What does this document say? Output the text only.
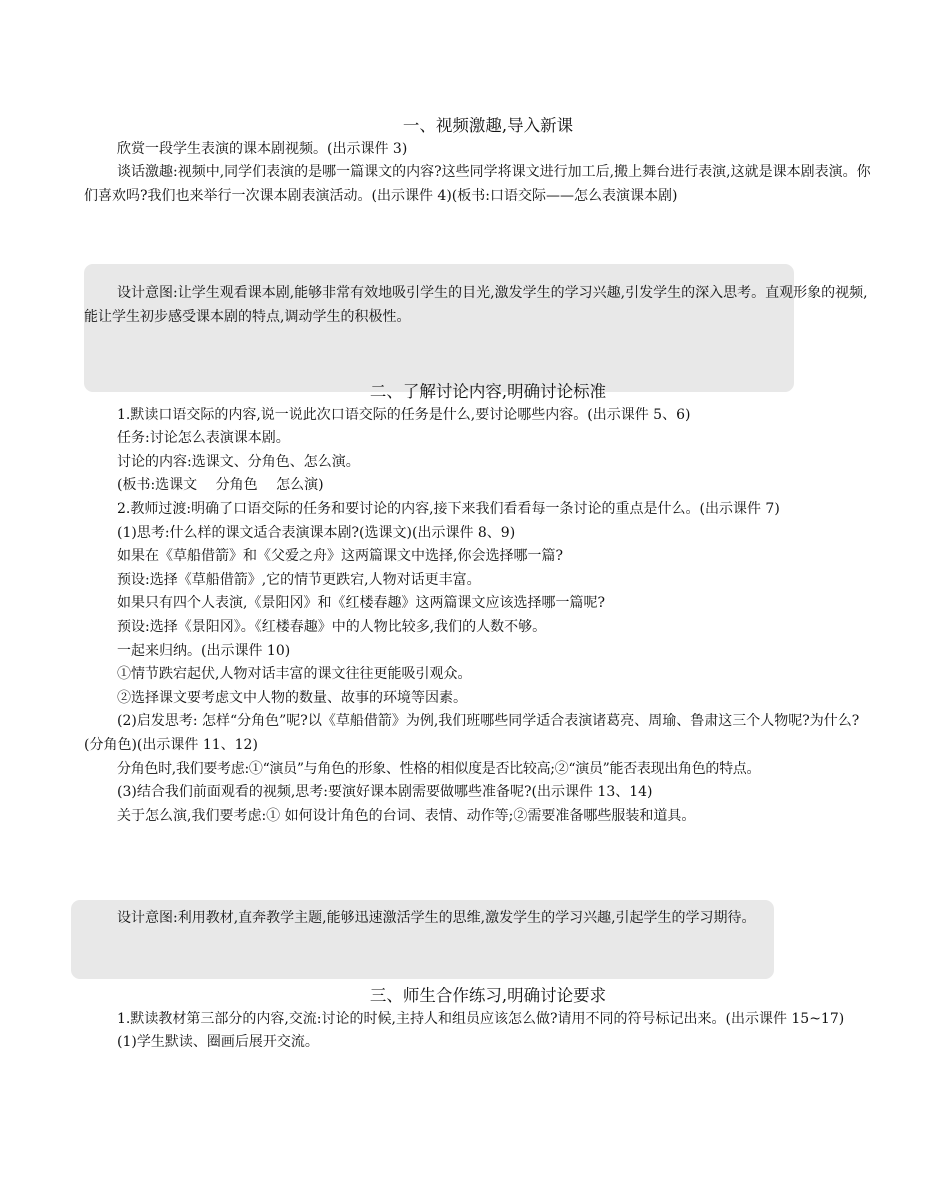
一、视频激趣,导入新课

欣赏一段学生表演的课本剧视频。(出示课件 3)

谈话激趣:视频中,同学们表演的是哪一篇课文的内容?这些同学将课文进行加工后,搬上舞台进行表演,这就是课本剧表演。你们喜欢吗?我们也来举行一次课本剧表演活动。(出示课件 4)(板书:口语交际——怎么表演课本剧)

设计意图:让学生观看课本剧,能够非常有效地吸引学生的目光,激发学生的学习兴趣,引发学生的深入思考。直观形象的视频,能让学生初步感受课本剧的特点,调动学生的积极性。

二、了解讨论内容,明确讨论标准

1.默读口语交际的内容,说一说此次口语交际的任务是什么,要讨论哪些内容。(出示课件 5、6)

任务:讨论怎么表演课本剧。

讨论的内容:选课文、分角色、怎么演。

(板书:选课文　 分角色　 怎么演)

2.教师过渡:明确了口语交际的任务和要讨论的内容,接下来我们看看每一条讨论的重点是什么。(出示课件 7)

(1)思考:什么样的课文适合表演课本剧?(选课文)(出示课件 8、9)

如果在《草船借箭》和《父爱之舟》这两篇课文中选择,你会选择哪一篇?

预设:选择《草船借箭》,它的情节更跌宕,人物对话更丰富。

如果只有四个人表演,《景阳冈》和《红楼春趣》这两篇课文应该选择哪一篇呢?

预设:选择《景阳冈》。《红楼春趣》中的人物比较多,我们的人数不够。

一起来归纳。(出示课件 10)

①情节跌宕起伏,人物对话丰富的课文往往更能吸引观众。

②选择课文要考虑文中人物的数量、故事的环境等因素。

(2)启发思考: 怎样“分角色”呢?以《草船借箭》为例,我们班哪些同学适合表演诸葛亮、周瑜、鲁肃这三个人物呢?为什么?(分角色)(出示课件 11、12)

分角色时,我们要考虑:①“演员”与角色的形象、性格的相似度是否比较高;②“演员”能否表现出角色的特点。

(3)结合我们前面观看的视频,思考:要演好课本剧需要做哪些准备呢?(出示课件 13、14)

关于怎么演,我们要考虑:① 如何设计角色的台词、表情、动作等;②需要准备哪些服装和道具。

设计意图:利用教材,直奔教学主题,能够迅速激活学生的思维,激发学生的学习兴趣,引起学生的学习期待。

三、师生合作练习,明确讨论要求

1.默读教材第三部分的内容,交流:讨论的时候,主持人和组员应该怎么做?请用不同的符号标记出来。(出示课件 15~17)

(1)学生默读、圈画后展开交流。
